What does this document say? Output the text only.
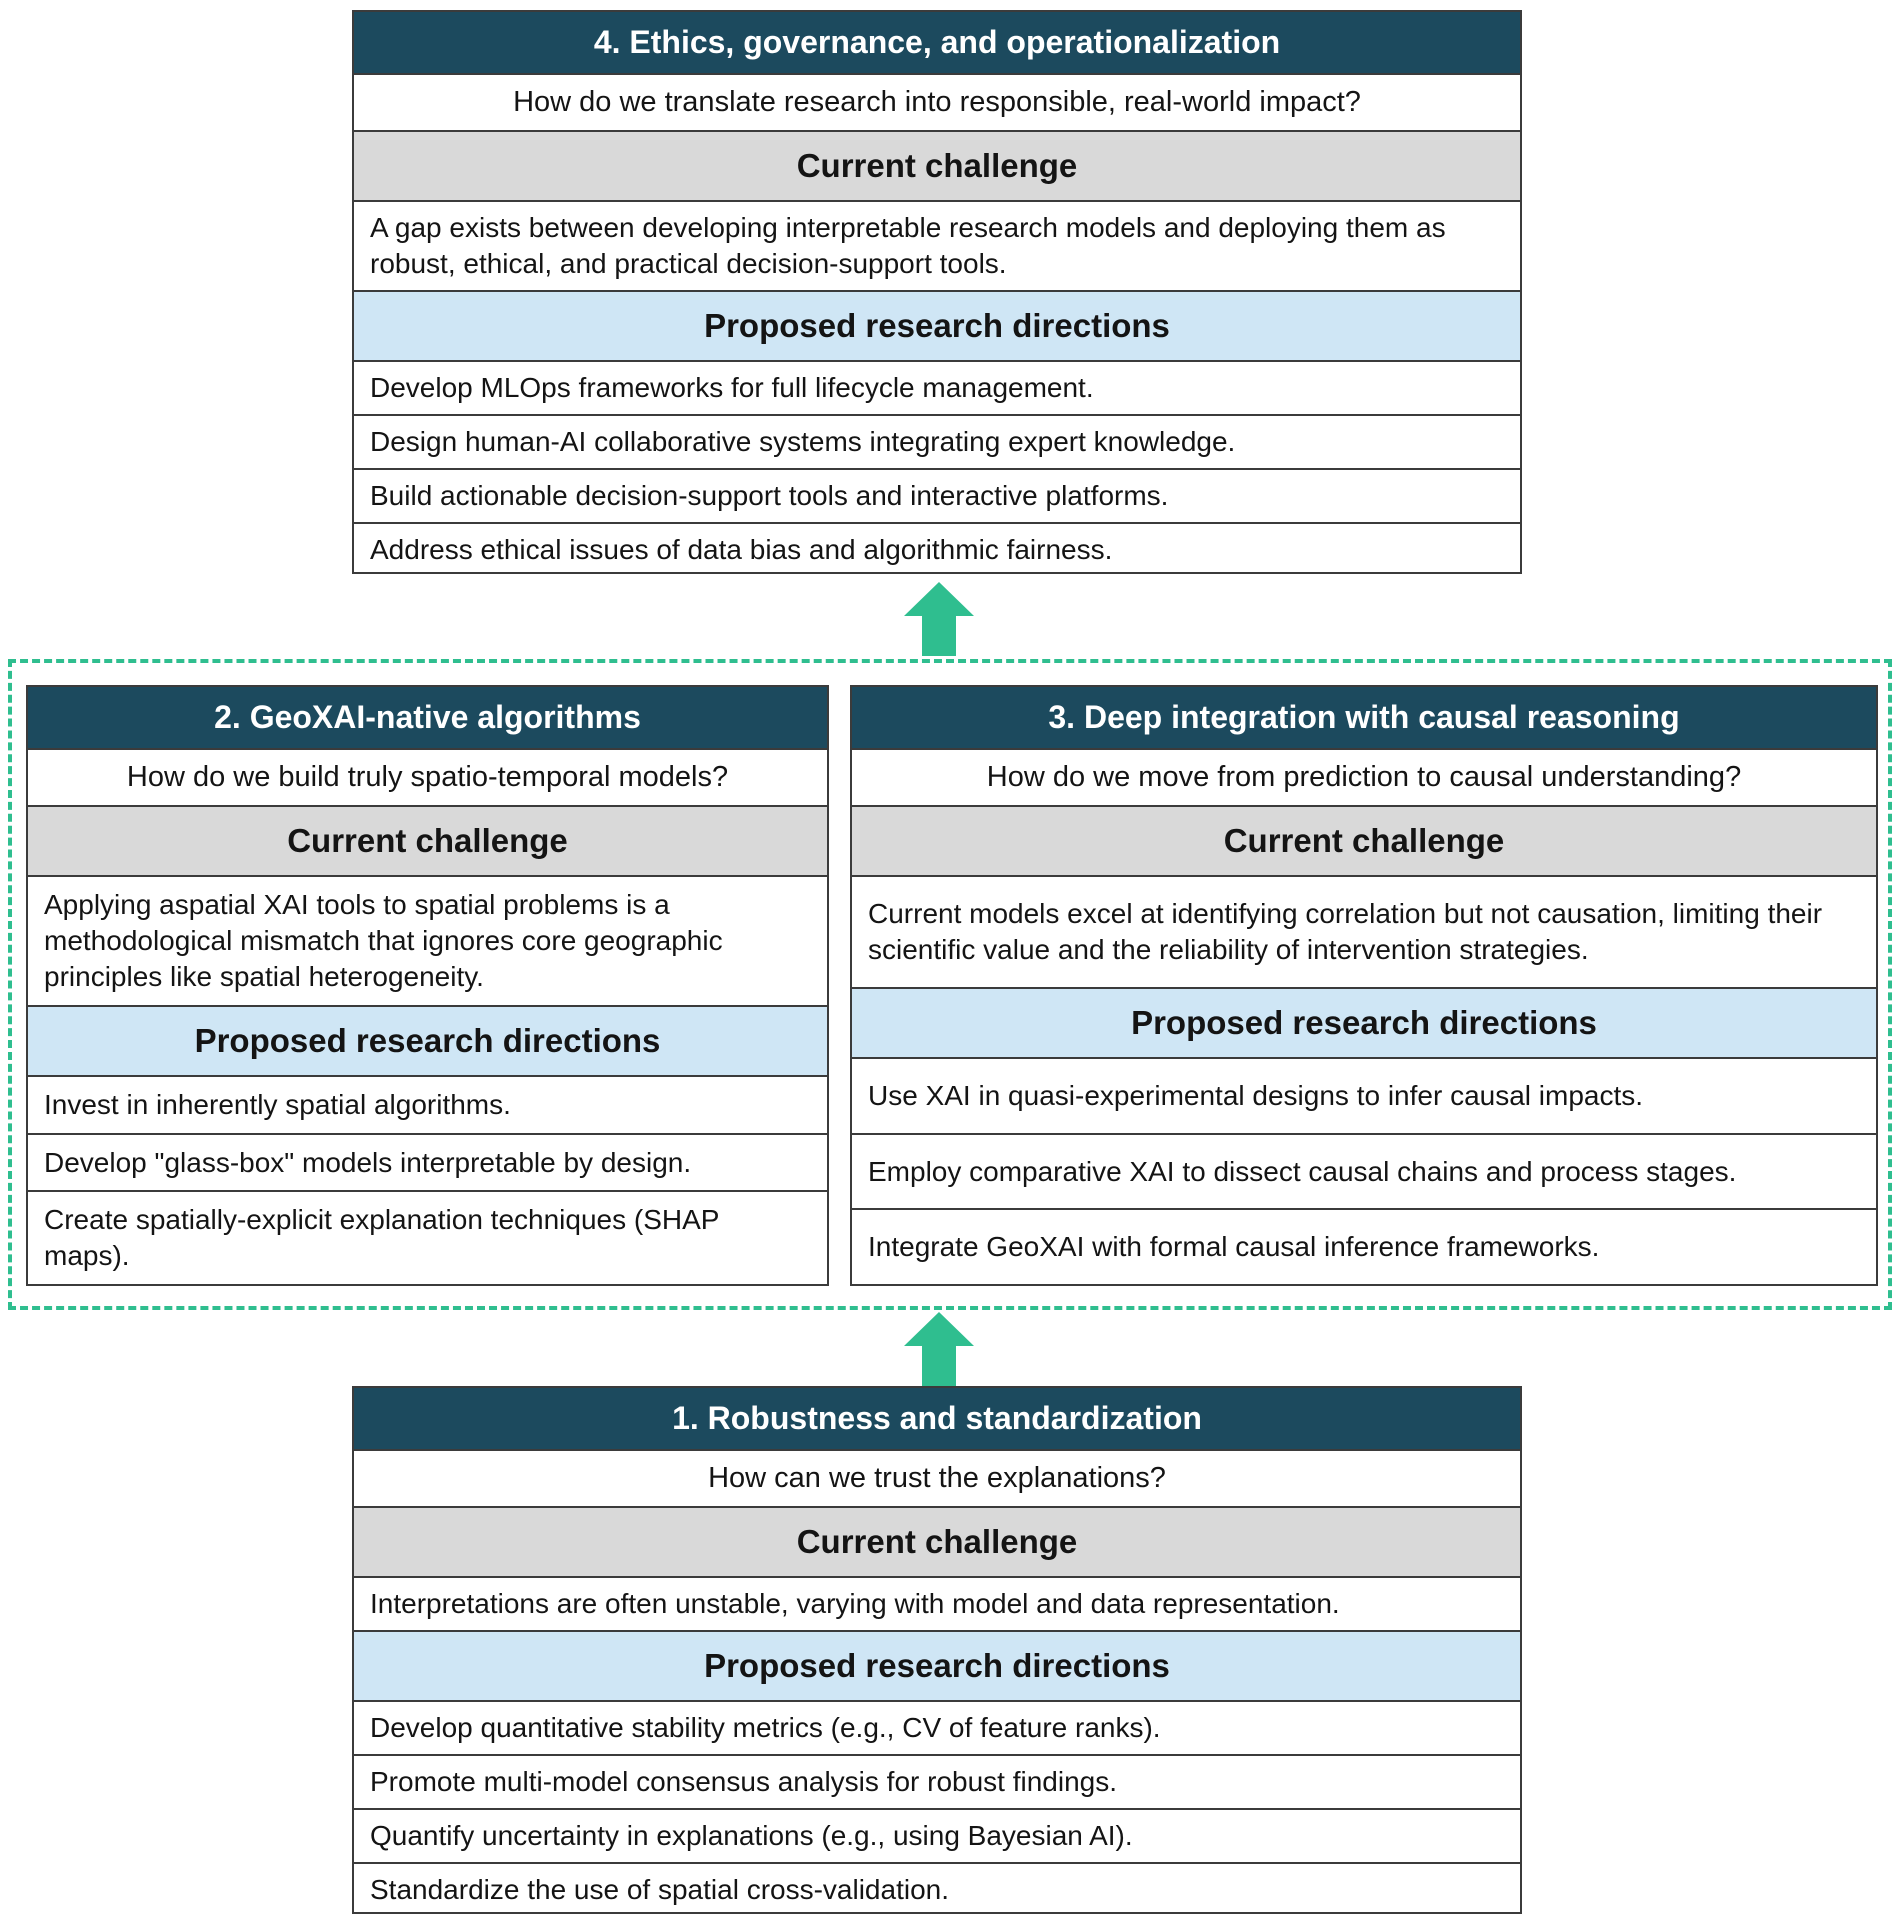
4. Ethics, governance, and operationalization
How do we translate research into responsible, real-world impact?
Current challenge
A gap exists between developing interpretable research models and deploying them as robust, ethical, and practical decision-support tools.
Proposed research directions
Develop MLOps frameworks for full lifecycle management.
Design human-AI collaborative systems integrating expert knowledge.
Build actionable decision-support tools and interactive platforms.
Address ethical issues of data bias and algorithmic fairness.
2. GeoXAI-native algorithms
How do we build truly spatio-temporal models?
Current challenge
Applying aspatial XAI tools to spatial problems is a methodological mismatch that ignores core geographic principles like spatial heterogeneity.
Proposed research directions
Invest in inherently spatial algorithms.
Develop "glass-box" models interpretable by design.
Create spatially-explicit explanation techniques (SHAP maps).
3. Deep integration with causal reasoning
How do we move from prediction to causal understanding?
Current challenge
Current models excel at identifying correlation but not causation, limiting their scientific value and the reliability of intervention strategies.
Proposed research directions
Use XAI in quasi-experimental designs to infer causal impacts.
Employ comparative XAI to dissect causal chains and process stages.
Integrate GeoXAI with formal causal inference frameworks.
1. Robustness and standardization
How can we trust the explanations?
Current challenge
Interpretations are often unstable, varying with model and data representation.
Proposed research directions
Develop quantitative stability metrics (e.g., CV of feature ranks).
Promote multi-model consensus analysis for robust findings.
Quantify uncertainty in explanations (e.g., using Bayesian AI).
Standardize the use of spatial cross-validation.
